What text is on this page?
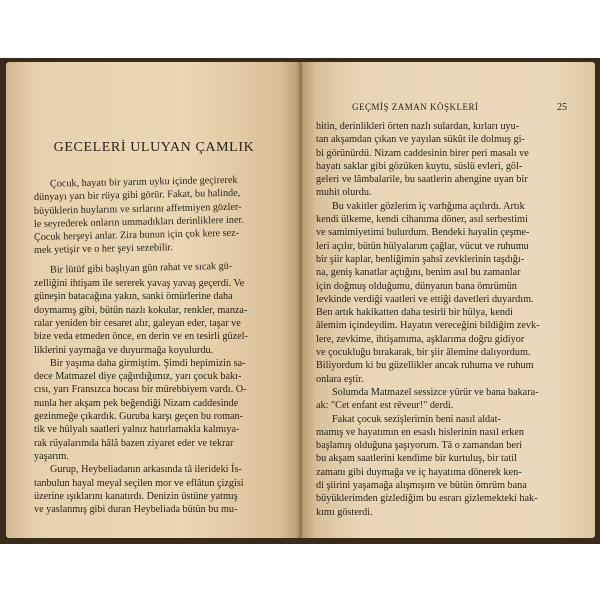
GECELERİ ULUYAN ÇAMLIK
Çocuk, hayatı bir yarım uyku içinde geçirerek
dünyayı yarı bir rüya gibi görür. Fakat, bu halinde,
büyüklerin huylarını ve sırlarını affetmiyen gözler-
le seyrederek onların ummadıkları derinliklere iner.
Çocuk herşeyi anlar. Zira bunun için çok kere sez-
mek yetişir ve o her şeyi sezebilir.
Bir lütüf gibi başlıyan gün rahat ve sıcak gü-
zelliğini ihtişam ile sererek yavaş yavaş geçerdi. Ve
güneşin batacağına yakın, sanki ömürlerine daha
doymamış gibi, bütün nazlı kokular, renkler, manza-
ralar yeniden bir cesaret alır, galeyan eder, taşar ve
bize veda etmeden önce, en derin ve en tesirli güzel-
liklerini yaymağa ve duyurmağa koyulurdu.
Bir yaşıma daha girmiştim. Şimdi hepimizin sa-
dece Matmazel diye çağırdığımız, yarı çocuk bakı-
cısı, yarı Fransızca hocası bir mürebbiyem vardı. O-
nunla her akşam pek beğendiği Nizam caddesinde
gezinmeğe çıkardık. Guruba karşı geçen bu roman-
tik ve hülyalı saatleri yalnız hatırlamakla kalmıya-
rak rüyalarımda hâlâ bazen ziyaret eder ve tekrar
yaşarım.
Gurup, Heybeliadanın arkasında tâ ilerideki İs-
tanbulun hayal meyal seçilen mor ve eflâtun çizgisi
üzerine ışıklarını kanatırdı. Denizin üstüne yatmış
ve yaslanmış gibi duran Heybeliada bütün bu mu-
GEÇMİŞ ZAMAN KÖŞKLERİ	25
hitin, derinlikleri örten nazlı sulardan, kırları uyu-
tan akşamdan çıkan ve yayılan sükût ile dolmuş gi-
bi görünürdü. Nizam caddesinin birer peri masalı ve
hayatı saklar gibi gözüken kuytu, süslü evleri, göl-
geleri ve lâmbalarile, bu saatlerin ahengine uyan bir
muhit olurdu.
Bu vakitler gözlerim iç varhğıma açılırdı. Artık
kendi ülkeme, kendi cihanıma döner, asıl serbestimi
ve samimiyetimi bulurdum. Bendeki hayalin çeşme-
leri açılır, bütün hülyalarım çağlar, vücut ve ruhumu
bir şiir kaplar, benliğimin şahsî zevklerinin taşdığı-
na, geniş kanatlar açtığını, benim asıl bu zamanlar
için doğmuş olduğumu, dünyanın bana ömrümün
levkinde verdiği vaatleri ve ettiği davetleri duyardım.
Ben artık hakikatten daha tesirli bir hülya, kendi
âlemim içindeydim. Hayatın vereceğini bildiğim zevk-
lere, zevkime, ihtişamıma, aşklarıma doğru gidiyor
ve çocukluğu bırakarak, bir şiir âlemine dalıyordum.
Biliyordum ki bu güzellikler ancak ruhuma ve ruhum
onlara eştir.
Solumda Matmazel sessizce yürür ve bana bakara-
ak: "Cet enfant est rêveur!" derdi.
Fakat çocuk sezişlerimin beni nasıl aldat-
mamış ve hayatımın en esaslı hislerinin nasıl erken
başlamış olduğuna şaşıyorum. Tâ o zamandan beri
bu akşam saatlerini kendime bir kurtuluş, bir tatil
zamanı gibi duymağa ve iç hayatıma dönerek ken-
di şiirini yaşamağa alışmışım ve bütün ömrüm bana
büyüklerimden gizlediğim bu esrarı gizlemekteki hak-
kımı gösterdi.
